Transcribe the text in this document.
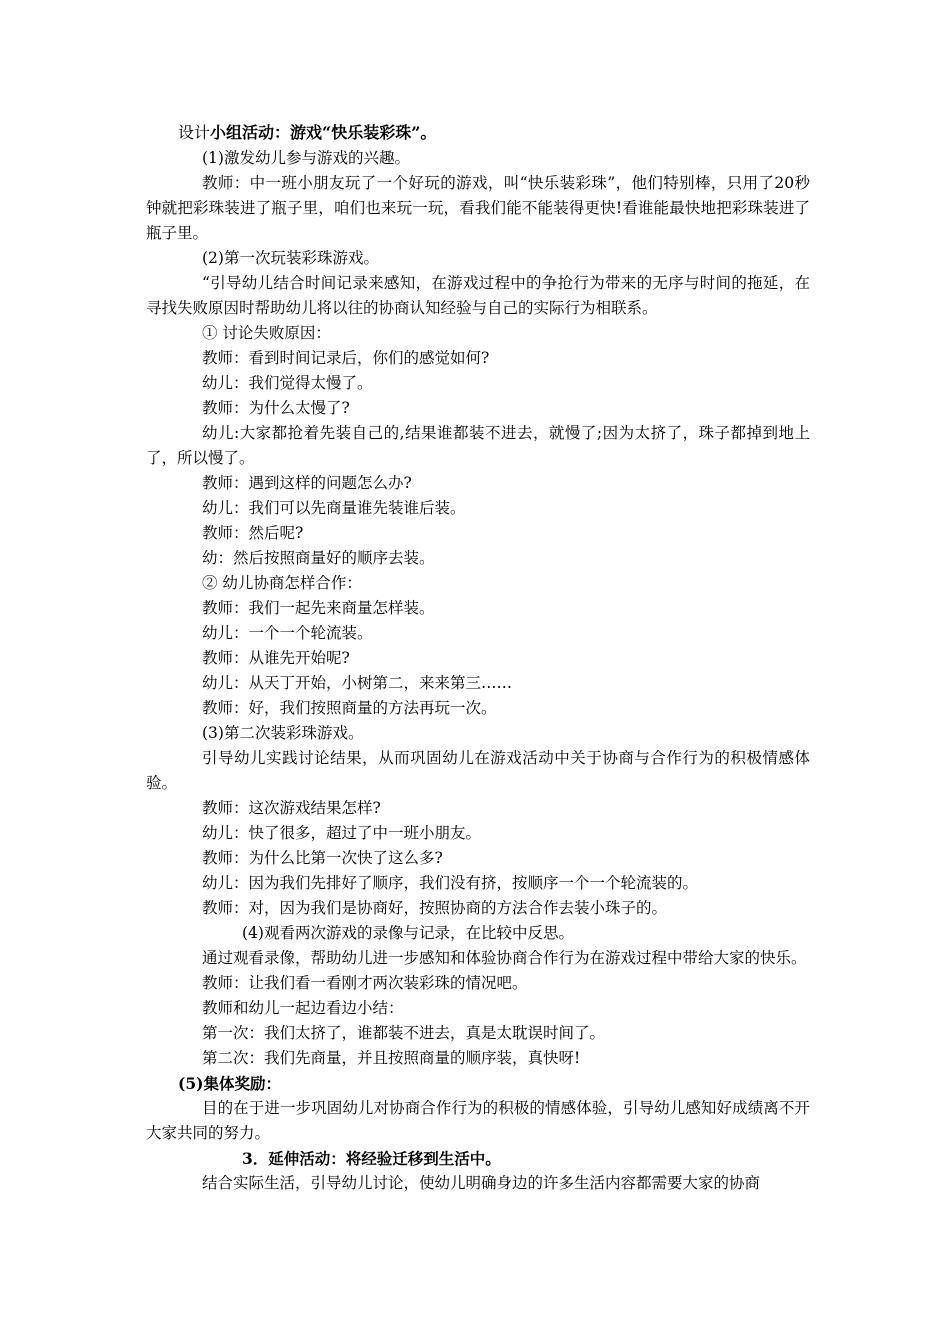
设计小组活动：游戏“快乐装彩珠”。

(1)激发幼儿参与游戏的兴趣。

教师：中一班小朋友玩了一个好玩的游戏，叫“快乐装彩珠”，他们特别棒，只用了20秒钟就把彩珠装进了瓶子里，咱们也来玩一玩，看我们能不能装得更快!看谁能最快地把彩珠装进了瓶子里。

(2)第一次玩装彩珠游戏。

“引导幼儿结合时间记录来感知，在游戏过程中的争抢行为带来的无序与时间的拖延，在寻找失败原因时帮助幼儿将以往的协商认知经验与自己的实际行为相联系。

① 讨论失败原因：

教师：看到时间记录后，你们的感觉如何?

幼儿：我们觉得太慢了。

教师：为什么太慢了?

幼儿:大家都抢着先装自己的,结果谁都装不进去，就慢了;因为太挤了，珠子都掉到地上了，所以慢了。

教师：遇到这样的问题怎么办?

幼儿：我们可以先商量谁先装谁后装。

教师：然后呢?

幼：然后按照商量好的顺序去装。

② 幼儿协商怎样合作：

教师：我们一起先来商量怎样装。

幼儿：一个一个轮流装。

教师：从谁先开始呢?

幼儿：从天丁开始，小树第二，来来第三……

教师：好，我们按照商量的方法再玩一次。

(3)第二次装彩珠游戏。

引导幼儿实践讨论结果，从而巩固幼儿在游戏活动中关于协商与合作行为的积极情感体验。

教师：这次游戏结果怎样?

幼儿：快了很多，超过了中一班小朋友。

教师：为什么比第一次快了这么多?

幼儿：因为我们先排好了顺序，我们没有挤，按顺序一个一个轮流装的。

教师：对，因为我们是协商好，按照协商的方法合作去装小珠子的。

(4)观看两次游戏的录像与记录，在比较中反思。

通过观看录像，帮助幼儿进一步感知和体验协商合作行为在游戏过程中带给大家的快乐。

教师：让我们看一看刚才两次装彩珠的情况吧。

教师和幼儿一起边看边小结：

第一次：我们太挤了，谁都装不进去，真是太耽误时间了。

第二次：我们先商量，并且按照商量的顺序装，真快呀!

(5)集体奖励：

目的在于进一步巩固幼儿对协商合作行为的积极的情感体验，引导幼儿感知好成绩离不开大家共同的努力。

3．延伸活动：将经验迁移到生活中。

结合实际生活，引导幼儿讨论，使幼儿明确身边的许多生活内容都需要大家的协商
